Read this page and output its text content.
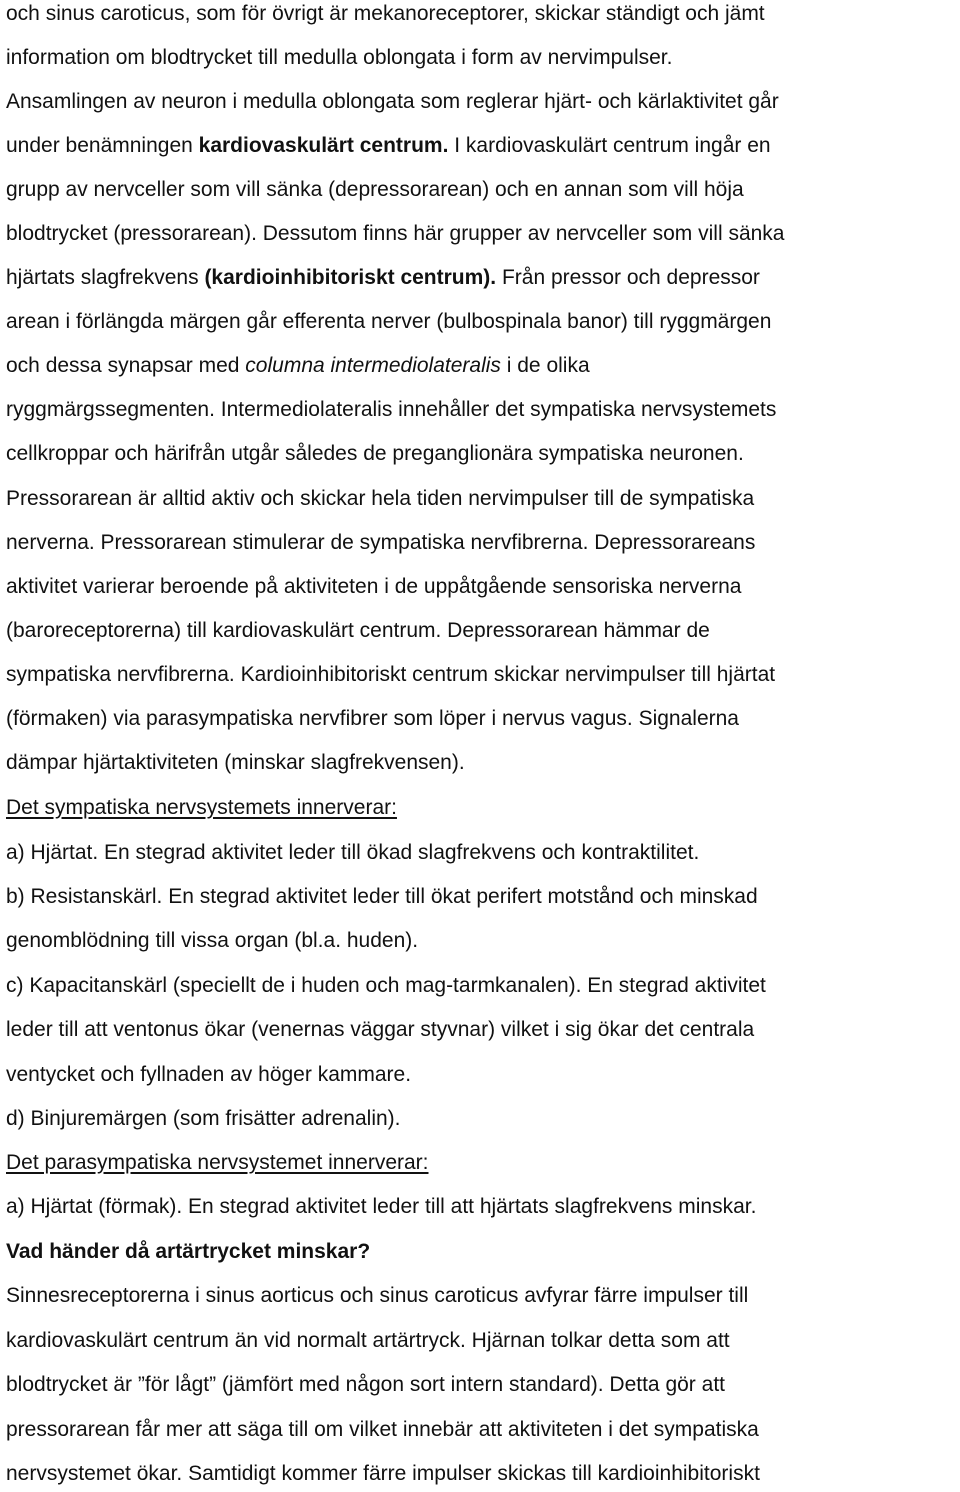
och sinus caroticus, som för övrigt är mekanoreceptorer, skickar ständigt och jämt
information om blodtrycket till medulla oblongata i form av nervimpulser.
Ansamlingen av neuron i medulla oblongata som reglerar hjärt- och kärlaktivitet går
under benämningen kardiovaskulärt centrum. I kardiovaskulärt centrum ingår en
grupp av nervceller som vill sänka (depressorarean) och en annan som vill höja
blodtrycket (pressorarean). Dessutom finns här grupper av nervceller som vill sänka
hjärtats slagfrekvens (kardioinhibitoriskt centrum). Från pressor och depressor
arean i förlängda märgen går efferenta nerver (bulbospinala banor) till ryggmärgen
och dessa synapsar med columna intermediolateralis i de olika
ryggmärgssegmenten. Intermediolateralis innehåller det sympatiska nervsystemets
cellkroppar och härifrån utgår således de preganglionära sympatiska neuronen.
Pressorarean är alltid aktiv och skickar hela tiden nervimpulser till de sympatiska
nerverna. Pressorarean stimulerar de sympatiska nervfibrerna. Depressorareans
aktivitet varierar beroende på aktiviteten i de uppåtgående sensoriska nerverna
(baroreceptorerna) till kardiovaskulärt centrum. Depressorarean hämmar de
sympatiska nervfibrerna. Kardioinhibitoriskt centrum skickar nervimpulser till hjärtat
(förmaken) via parasympatiska nervfibrer som löper i nervus vagus. Signalerna
dämpar hjärtaktiviteten (minskar slagfrekvensen).
Det sympatiska nervsystemets innerverar:
a) Hjärtat. En stegrad aktivitet leder till ökad slagfrekvens och kontraktilitet.
b) Resistanskärl. En stegrad aktivitet leder till ökat perifert motstånd och minskad
genomblödning till vissa organ (bl.a. huden).
c) Kapacitanskärl (speciellt de i huden och mag-tarmkanalen). En stegrad aktivitet
leder till att ventonus ökar (venernas väggar styvnar) vilket i sig ökar det centrala
ventycket och fyllnaden av höger kammare.
d) Binjuremärgen (som frisätter adrenalin).
Det parasympatiska nervsystemet innerverar:
a) Hjärtat (förmak). En stegrad aktivitet leder till att hjärtats slagfrekvens minskar.
Vad händer då artärtrycket minskar?
Sinnesreceptorerna i sinus aorticus och sinus caroticus avfyrar färre impulser till
kardiovaskulärt centrum än vid normalt artärtryck. Hjärnan tolkar detta som att
blodtrycket är ”för lågt” (jämfört med någon sort intern standard). Detta gör att
pressorarean får mer att säga till om vilket innebär att aktiviteten i det sympatiska
nervsystemet ökar. Samtidigt kommer färre impulser skickas till kardioinhibitoriskt
